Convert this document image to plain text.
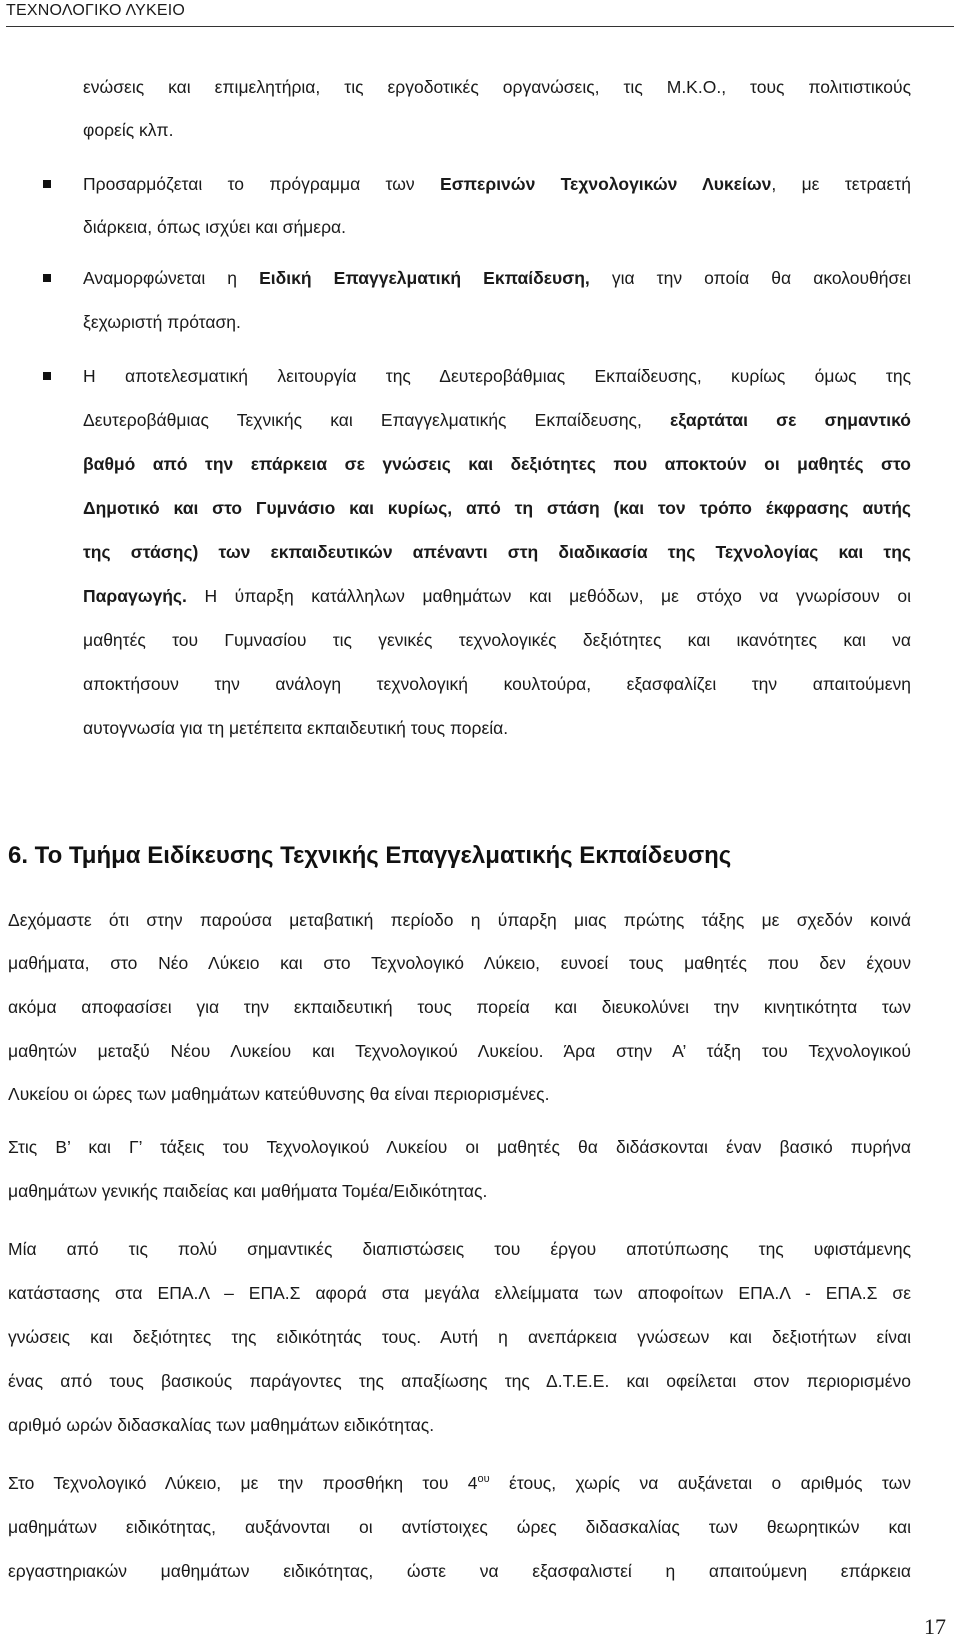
ΤΕΧΝΟΛΟΓΙΚΟ ΛΥΚΕΙΟ
ενώσεις και επιμελητήρια, τις εργοδοτικές οργανώσεις, τις Μ.Κ.Ο., τους πολιτιστικούς
φορείς κλπ.
Προσαρμόζεται το πρόγραμμα των Εσπερινών Τεχνολογικών Λυκείων, με τετραετή
διάρκεια, όπως ισχύει και σήμερα.
Αναμορφώνεται η Ειδική Επαγγελματική Εκπαίδευση, για την οποία θα ακολουθήσει
ξεχωριστή πρόταση.
Η αποτελεσματική λειτουργία της Δευτεροβάθμιας Εκπαίδευσης, κυρίως όμως της
Δευτεροβάθμιας Τεχνικής και Επαγγελματικής Εκπαίδευσης, εξαρτάται σε σημαντικό
βαθμό από την επάρκεια σε γνώσεις και δεξιότητες που αποκτούν οι μαθητές στο
Δημοτικό και στο Γυμνάσιο και κυρίως, από τη στάση (και τον τρόπο έκφρασης αυτής
της στάσης) των εκπαιδευτικών απέναντι στη διαδικασία της Τεχνολογίας και της
Παραγωγής. Η ύπαρξη κατάλληλων μαθημάτων και μεθόδων, με στόχο να γνωρίσουν οι
μαθητές του Γυμνασίου τις γενικές τεχνολογικές δεξιότητες και ικανότητες και να
αποκτήσουν την ανάλογη τεχνολογική κουλτούρα, εξασφαλίζει την απαιτούμενη
αυτογνωσία για τη μετέπειτα εκπαιδευτική τους πορεία.
6. Το Τμήμα Ειδίκευσης Τεχνικής Επαγγελματικής Εκπαίδευσης
Δεχόμαστε ότι στην παρούσα μεταβατική περίοδο η ύπαρξη μιας πρώτης τάξης με σχεδόν κοινά
μαθήματα, στο Νέο Λύκειο και στο Τεχνολογικό Λύκειο, ευνοεί τους μαθητές που δεν έχουν
ακόμα αποφασίσει για την εκπαιδευτική τους πορεία και διευκολύνει την κινητικότητα των
μαθητών μεταξύ Νέου Λυκείου και Τεχνολογικού Λυκείου. Άρα στην Α’ τάξη του Τεχνολογικού
Λυκείου οι ώρες των μαθημάτων κατεύθυνσης θα είναι περιορισμένες.
Στις Β’ και Γ’ τάξεις του Τεχνολογικού Λυκείου οι μαθητές θα διδάσκονται έναν βασικό πυρήνα
μαθημάτων γενικής παιδείας και μαθήματα Τομέα/Ειδικότητας.
Μία από τις πολύ σημαντικές διαπιστώσεις του έργου αποτύπωσης της υφιστάμενης
κατάστασης στα ΕΠΑ.Λ – ΕΠΑ.Σ αφορά στα μεγάλα ελλείμματα των αποφοίτων ΕΠΑ.Λ - ΕΠΑ.Σ σε
γνώσεις και δεξιότητες της ειδικότητάς τους. Αυτή η ανεπάρκεια γνώσεων και δεξιοτήτων είναι
ένας από τους βασικούς παράγοντες της απαξίωσης της Δ.Τ.Ε.Ε. και οφείλεται στον περιορισμένο
αριθμό ωρών διδασκαλίας των μαθημάτων ειδικότητας.
Στο Τεχνολογικό Λύκειο, με την προσθήκη του $4^{o\upsilon}$ έτους, χωρίς να αυξάνεται ο αριθμός των
μαθημάτων ειδικότητας, αυξάνονται οι αντίστοιχες ώρες διδασκαλίας των θεωρητικών και
εργαστηριακών μαθημάτων ειδικότητας, ώστε να εξασφαλιστεί η απαιτούμενη επάρκεια
17
